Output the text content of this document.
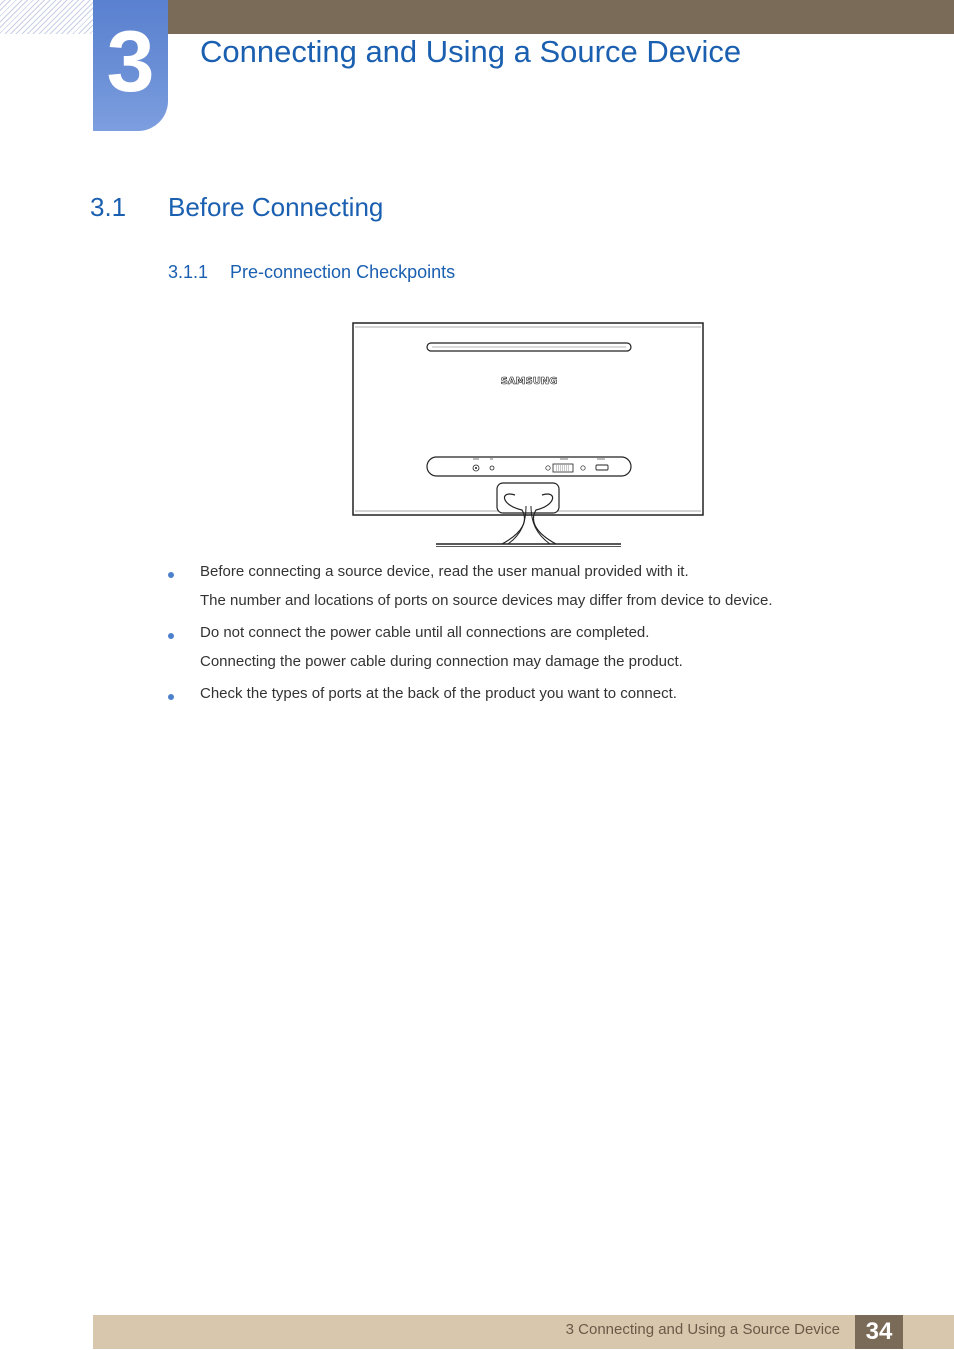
3	Connecting and Using a Source Device
3.1 Before Connecting
3.1.1 Pre-connection Checkpoints
SAMSUNG
Before connecting a source device, read the user manual provided with it.
The number and locations of ports on source devices may differ from device to device.
Do not connect the power cable until all connections are completed.
Connecting the power cable during connection may damage the product.
Check the types of ports at the back of the product you want to connect.
3 Connecting and Using a Source Device	34
